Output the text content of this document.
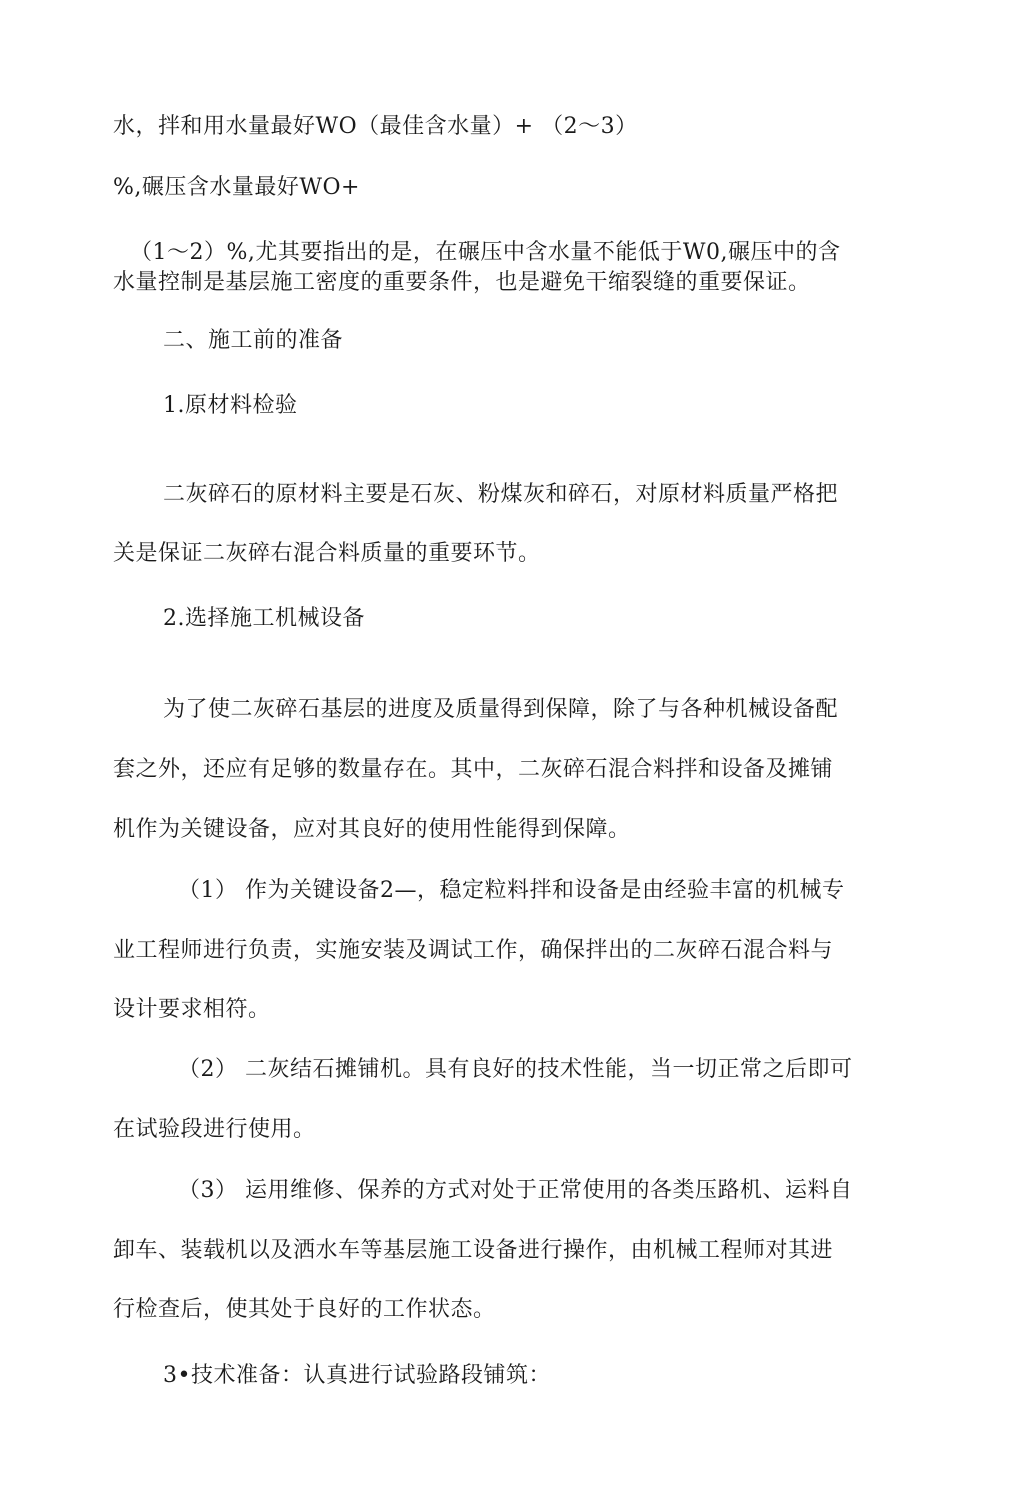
水，拌和用水量最好WO（最佳含水量）+ （2～3）
%,碾压含水量最好WO+
（1～2）%,尤其要指出的是，在碾压中含水量不能低于W0,碾压中的含
水量控制是基层施工密度的重要条件，也是避免干缩裂缝的重要保证。
二、施工前的准备
1.原材料检验
二灰碎石的原材料主要是石灰、粉煤灰和碎石，对原材料质量严格把
关是保证二灰碎右混合料质量的重要环节。
2.选择施工机械设备
为了使二灰碎石基层的进度及质量得到保障，除了与各种机械设备配
套之外，还应有足够的数量存在。其中，二灰碎石混合料拌和设备及摊铺
机作为关键设备，应对其良好的使用性能得到保障。
（1） 作为关键设备2—，稳定粒料拌和设备是由经验丰富的机械专
业工程师进行负责，实施安装及调试工作，确保拌出的二灰碎石混合料与
设计要求相符。
（2） 二灰结石摊铺机。具有良好的技术性能，当一切正常之后即可
在试验段进行使用。
（3） 运用维修、保养的方式对处于正常使用的各类压路机、运料自
卸车、装载机以及洒水车等基层施工设备进行操作，由机械工程师对其进
行检查后，使其处于良好的工作状态。
3•技术准备：认真进行试验路段铺筑：
